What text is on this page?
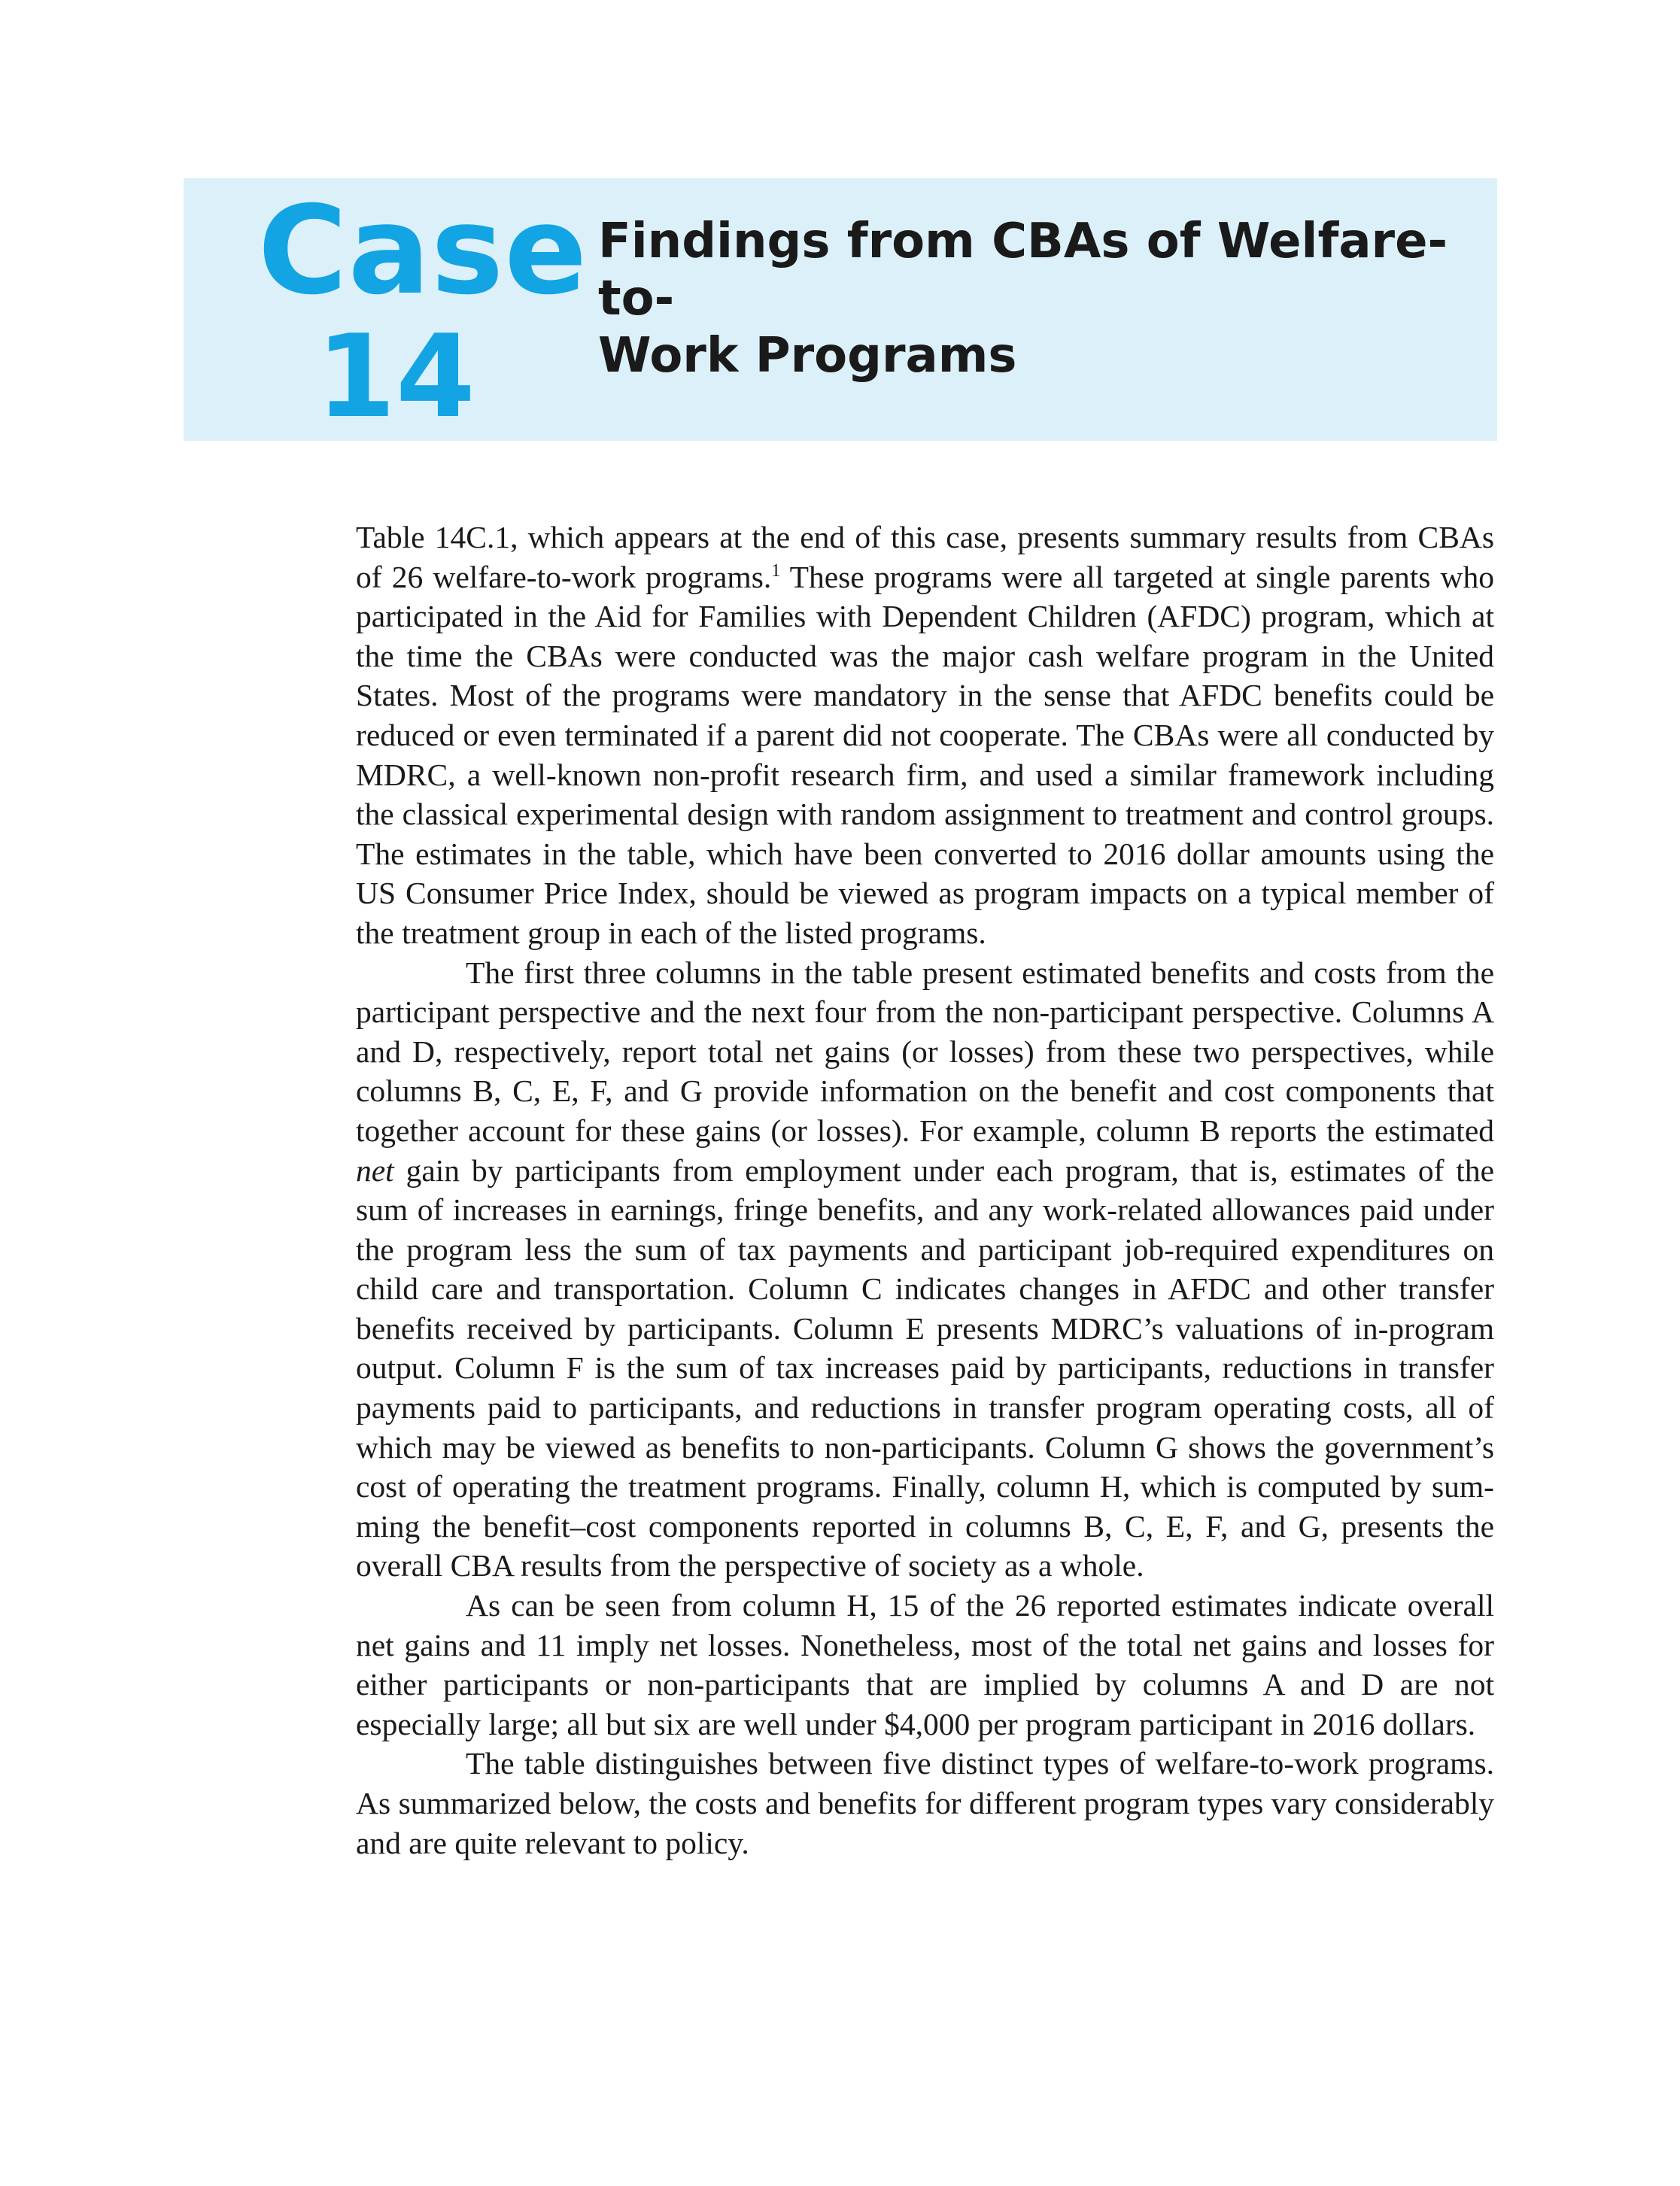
Case
14
Findings from CBAs of Welfare-to-
Work Programs

Table 14C.1, which appears at the end of this case, presents summary results from CBAs of 26 welfare-to-work programs.$^1$ These programs were all targeted at single parents who participated in the Aid for Families with Dependent Children (AFDC) program, which at the time the CBAs were conducted was the major cash welfare program in the United States. Most of the programs were mandatory in the sense that AFDC benefits could be reduced or even terminated if a parent did not cooperate. The CBAs were all conducted by MDRC, a well-known non-profit research firm, and used a similar framework including the classical experimental design with random assignment to treatment and control groups. The estimates in the table, which have been converted to 2016 dollar amounts using the US Consumer Price Index, should be viewed as program impacts on a typical member of the treatment group in each of the listed programs.

The first three columns in the table present estimated benefits and costs from the participant perspective and the next four from the non-participant perspective. Columns A and D, respectively, report total net gains (or losses) from these two perspectives, while columns B, C, E, F, and G provide information on the benefit and cost components that together account for these gains (or losses). For example, column B reports the estimated net gain by participants from employment under each program, that is, estimates of the sum of increases in earnings, fringe benefits, and any work-related allowances paid under the program less the sum of tax payments and participant job-required expenditures on child care and transportation. Column C indicates changes in AFDC and other transfer benefits received by participants. Column E presents MDRC’s valuations of in-program output. Column F is the sum of tax increases paid by participants, reductions in transfer payments paid to participants, and reductions in transfer program operating costs, all of which may be viewed as benefits to non-participants. Column G shows the government’s cost of operating the treatment programs. Finally, column H, which is computed by summing the benefit–cost components reported in columns B, C, E, F, and G, presents the overall CBA results from the perspective of society as a whole.

As can be seen from column H, 15 of the 26 reported estimates indicate overall net gains and 11 imply net losses. Nonetheless, most of the total net gains and losses for either participants or non-participants that are implied by columns A and D are not especially large; all but six are well under $4,000 per program participant in 2016 dollars.

The table distinguishes between five distinct types of welfare-to-work programs. As summarized below, the costs and benefits for different program types vary considerably and are quite relevant to policy.
